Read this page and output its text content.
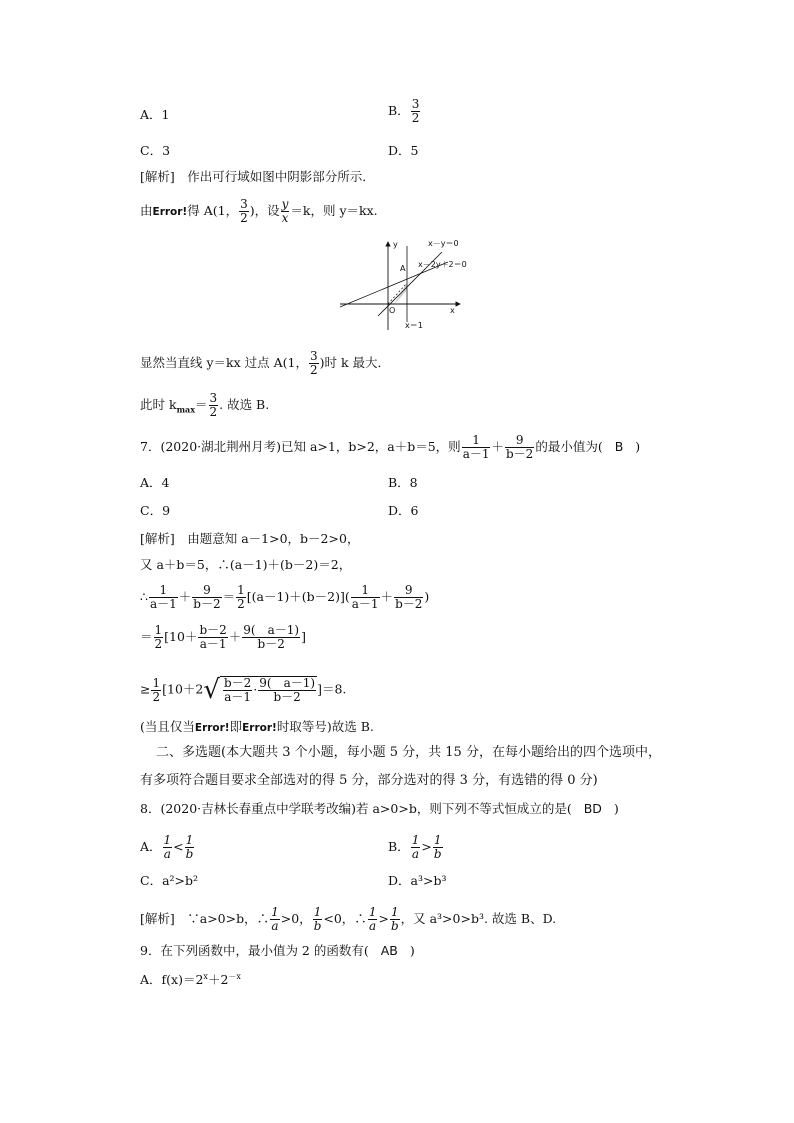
A．1	B． $\frac{3}{2}$
C．3	D．5
[解析]　作出可行域如图中阴影部分所示．
由Error!得 A(1， $\frac{3}{2}$ )，设 $\frac{y}{x} =k$，则 y＝kx.
y
x
O
A
x－y＝0
x－2y＋2＝0
x＝1
显然当直线 y＝kx 过点 A(1， $\frac{3}{2}$ )时 k 最大．
此时 $k_{max}= \frac{3}{2}$ . 故选 B.
7．(2020·湖北荆州月考)已知 a>1，b>2，a＋b＝5，则 $\frac{1}{a-1} + \frac{9}{b-2}$ 的最小值为( B )
A．4	B．8
C．9	D．6
[解析]　由题意知 a－1>0，b－2>0，
又 a＋b＝5，∴(a－1)＋(b－2)＝2，
∴ $\frac{1}{a-1} + \frac{9}{b-2} = \frac{1}{2} [(a-1)+(b-2)]( \frac{1}{a-1} + \frac{9}{b-2}$ )
＝ $\frac{1}{2} [10+ \frac{b-2}{a-1} + \frac{9( a-1)}{b-2}$ ]
≥ $\frac{1}{2} [10+2√ \frac{b-2}{a-1} \cdot \frac{9( a-1)}{b-2} ]=8$.
(当且仅当Error!即Error!时取等号)故选 B.
二、多选题(本大题共 3 个小题，每小题 5 分，共 15 分，在每小题给出的四个选项中，
有多项符合题目要求全部选对的得 5 分，部分选对的得 3 分，有选错的得 0 分)
8．(2020·吉林长春重点中学联考改编)若 a>0>b，则下列不等式恒成立的是( BD )
A． $\frac{1}{a} < \frac{1}{b}$	B． $\frac{1}{a} > \frac{1}{b}$
C．a²>b²	D．a³>b³
[解析]　∵a>0>b，∴ $\frac{1}{a} >0$， $\frac{1}{b} <0$，∴ $\frac{1}{a} > \frac{1}{b}$ ，又 a³>0>b³. 故选 B、D.
9．在下列函数中，最小值为 2 的函数有( AB )
A．$f(x)=2^x+2^{-x}$
